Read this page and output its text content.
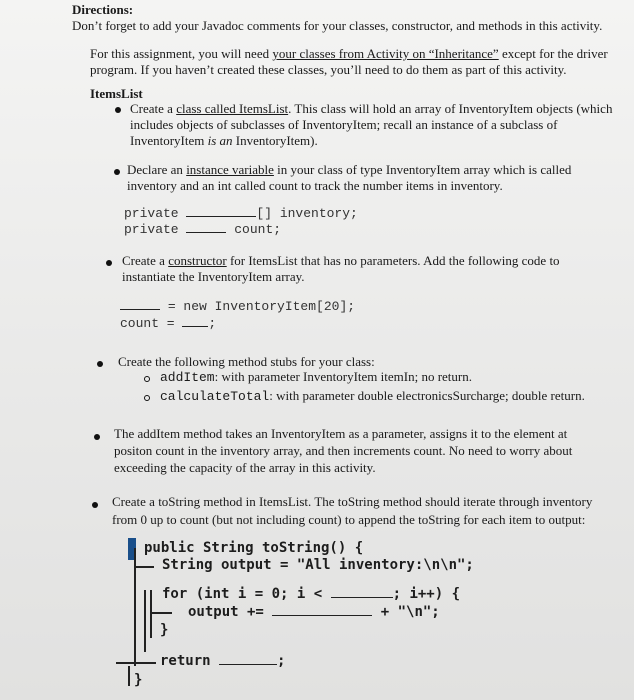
Directions:
Don’t forget to add your Javadoc comments for your classes, constructor, and methods in this activity.
For this assignment, you will need your classes from Activity on “Inheritance” except for the driver
program. If you haven’t created these classes, you’ll need to do them as part of this activity.
ItemsList
Create a class called ItemsList. This class will hold an array of InventoryItem objects (which
includes objects of subclasses of InventoryItem; recall an instance of a subclass of
InventoryItem is an InventoryItem).
Declare an instance variable in your class of type InventoryItem array which is called
inventory and an int called count to track the number items in inventory.
private	[] inventory;
private	count;
Create a constructor for ItemsList that has no parameters. Add the following code to
instantiate the InventoryItem array.
= new InventoryItem[20];
count =	;
Create the following method stubs for your class:
addItem: with parameter InventoryItem itemIn; no return.
calculateTotal: with parameter double electronicsSurcharge; double return.
The addItem method takes an InventoryItem as a parameter, assigns it to the element at
positon count in the inventory array, and then increments count. No need to worry about
exceeding the capacity of the array in this activity.
Create a toString method in ItemsList. The toString method should iterate through inventory
from 0 up to count (but not including count) to append the toString for each item to output:
public String toString() {
String output = "All inventory:\n\n";
for (int i = 0; i <	; i++) {
output +=	+ "\n";
}
return	;
}
